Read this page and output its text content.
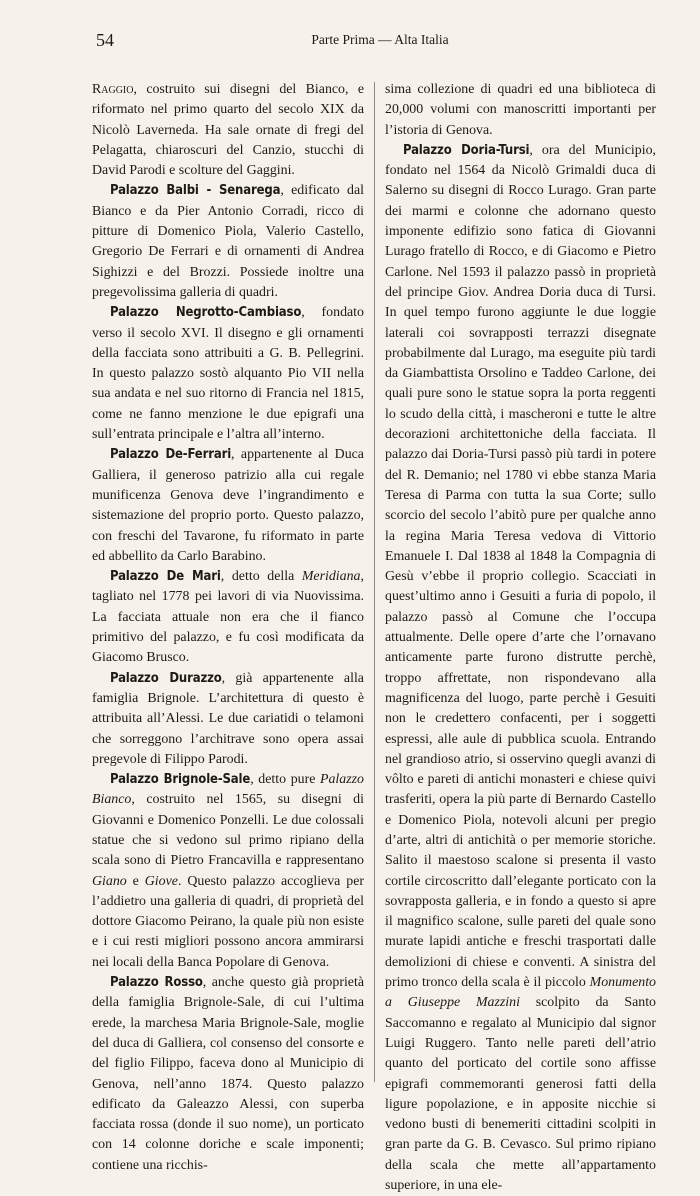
54	Parte Prima — Alta Italia

Raggio, costruito sui disegni del Bianco, e riformato nel primo quarto del secolo XIX da Nicolò Laverneda. Ha sale ornate di fregi del Pelagatta, chiaroscuri del Canzio, stucchi di David Parodi e scolture del Gaggini.

Palazzo Balbi - Senarega, edificato dal Bianco e da Pier Antonio Corradi, ricco di pitture di Domenico Piola, Valerio Castello, Gregorio De Ferrari e di ornamenti di Andrea Sighizzi e del Brozzi. Possiede inoltre una pregevolissima galleria di quadri.

Palazzo Negrotto-Cambiaso, fondato verso il secolo XVI. Il disegno e gli ornamenti della facciata sono attribuiti a G. B. Pellegrini. In questo palazzo sostò alquanto Pio VII nella sua andata e nel suo ritorno di Francia nel 1815, come ne fanno menzione le due epigrafi una sull’entrata principale e l’altra all’interno.

Palazzo De-Ferrari, appartenente al Duca Galliera, il generoso patrizio alla cui regale munificenza Genova deve l’ingrandimento e sistemazione del proprio porto. Questo palazzo, con freschi del Tavarone, fu riformato in parte ed abbellito da Carlo Barabino.

Palazzo De Mari, detto della Meridiana, tagliato nel 1778 pei lavori di via Nuovissima. La facciata attuale non era che il fianco primitivo del palazzo, e fu così modificata da Giacomo Brusco.

Palazzo Durazzo, già appartenente alla famiglia Brignole. L’architettura di questo è attribuita all’Alessi. Le due cariatidi o telamoni che sorreggono l’architrave sono opera assai pregevole di Filippo Parodi.

Palazzo Brignole-Sale, detto pure Palazzo Bianco, costruito nel 1565, su disegni di Giovanni e Domenico Ponzelli. Le due colossali statue che si vedono sul primo ripiano della scala sono di Pietro Francavilla e rappresentano Giano e Giove. Questo palazzo accoglieva per l’addietro una galleria di quadri, di proprietà del dottore Giacomo Peirano, la quale più non esiste e i cui resti migliori possono ancora ammirarsi nei locali della Banca Popolare di Genova.

Palazzo Rosso, anche questo già proprietà della famiglia Brignole-Sale, di cui l’ultima erede, la marchesa Maria Brignole-Sale, moglie del duca di Galliera, col consenso del consorte e del figlio Filippo, faceva dono al Municipio di Genova, nell’anno 1874. Questo palazzo edificato da Galeazzo Alessi, con superba facciata rossa (donde il suo nome), un porticato con 14 colonne doriche e scale imponenti; contiene una ricchis-

sima collezione di quadri ed una biblioteca di 20,000 volumi con manoscritti importanti per l’istoria di Genova.

Palazzo Doria-Tursi, ora del Municipio, fondato nel 1564 da Nicolò Grimaldi duca di Salerno su disegni di Rocco Lurago. Gran parte dei marmi e colonne che adornano questo imponente edifizio sono fatica di Giovanni Lurago fratello di Rocco, e di Giacomo e Pietro Carlone. Nel 1593 il palazzo passò in proprietà del principe Giov. Andrea Doria duca di Tursi. In quel tempo furono aggiunte le due loggie laterali coi sovrapposti terrazzi disegnate probabilmente dal Lurago, ma eseguite più tardi da Giambattista Orsolino e Taddeo Carlone, dei quali pure sono le statue sopra la porta reggenti lo scudo della città, i mascheroni e tutte le altre decorazioni architettoniche della facciata. Il palazzo dai Doria-Tursi passò più tardi in potere del R. Demanio; nel 1780 vi ebbe stanza Maria Teresa di Parma con tutta la sua Corte; sullo scorcio del secolo l’abitò pure per qualche anno la regina Maria Teresa vedova di Vittorio Emanuele I. Dal 1838 al 1848 la Compagnia di Gesù v’ebbe il proprio collegio. Scacciati in quest’ultimo anno i Gesuiti a furia di popolo, il palazzo passò al Comune che l’occupa attualmente. Delle opere d’arte che l’ornavano anticamente parte furono distrutte perchè, troppo affrettate, non rispondevano alla magnificenza del luogo, parte perchè i Gesuiti non le credettero confacenti, per i soggetti espressi, alle aule di pubblica scuola. Entrando nel grandioso atrio, si osservino quegli avanzi di vôlto e pareti di antichi monasteri e chiese quivi trasferiti, opera la più parte di Bernardo Castello e Domenico Piola, notevoli alcuni per pregio d’arte, altri di antichità o per memorie storiche. Salito il maestoso scalone si presenta il vasto cortile circoscritto dall’elegante porticato con la sovrapposta galleria, e in fondo a questo si apre il magnifico scalone, sulle pareti del quale sono murate lapidi antiche e freschi trasportati dalle demolizioni di chiese e conventi. A sinistra del primo tronco della scala è il piccolo Monumento a Giuseppe Mazzini scolpito da Santo Saccomanno e regalato al Municipio dal signor Luigi Ruggero. Tanto nelle pareti dell’atrio quanto del porticato del cortile sono affisse epigrafi commemoranti generosi fatti della ligure popolazione, e in apposite nicchie si vedono busti di benemeriti cittadini scolpiti in gran parte da G. B. Cevasco. Sul primo ripiano della scala che mette all’appartamento superiore, in una ele-
